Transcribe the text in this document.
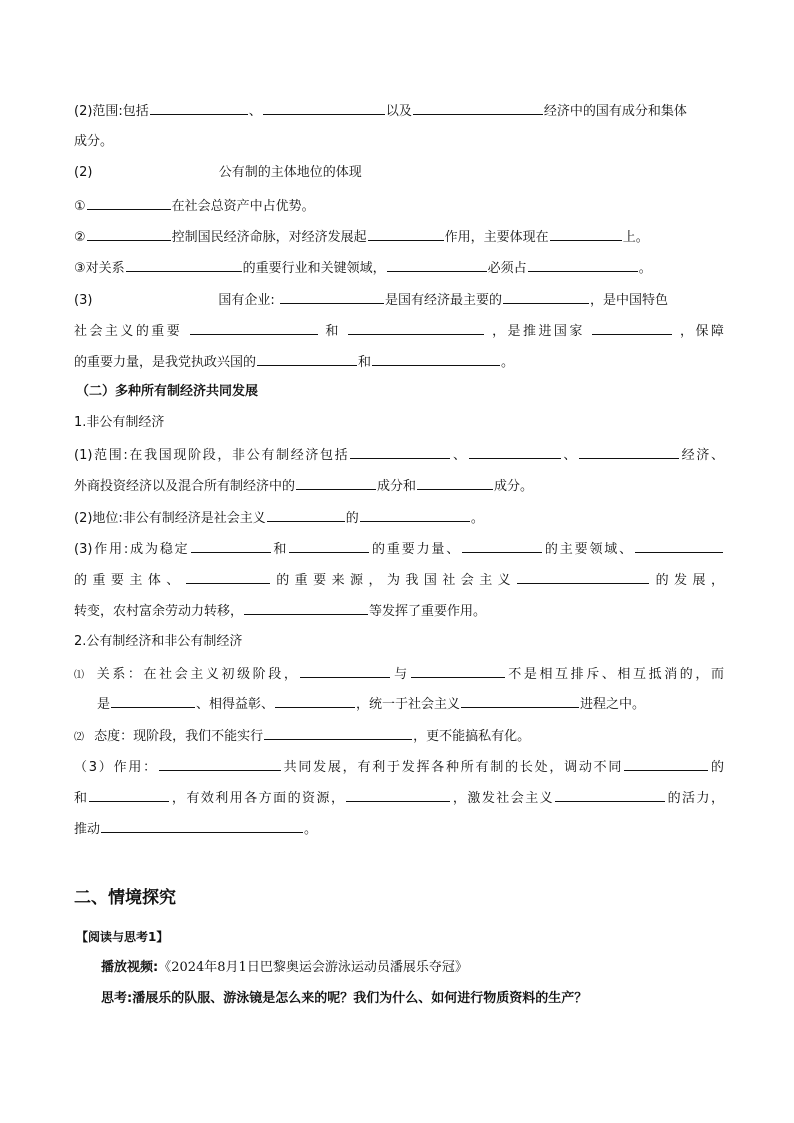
(2)范围:包括	、	以及	经济中的国有成分和集体
成分。
(2)	公有制的主体地位的体现
①	在社会总资产中占优势。
②	控制国民经济命脉，对经济发展起	作用，主要体现在	上。
③对关系	的重要行业和关键领域，	必须占	。
(3)	国有企业:	是国有经济最主要的	，是中国特色
社会主义的重要	和	，是推进国家	，保障
的重要力量，是我党执政兴国的	和	。
（二）多种所有制经济共同发展
1.非公有制经济
(1)范围:在我国现阶段，非公有制经济包括	、	、	经济、
外商投资经济以及混合所有制经济中的	成分和	成分。
(2)地位:非公有制经济是社会主义	的	。
(3)作用:成为稳定	和	的重要力量、	的主要领域、
的重要主体、	的重要来源，为我国社会主义	的发展，
转变，农村富余劳动力转移，	等发挥了重要作用。
2.公有制经济和非公有制经济
⑴ 关系：在社会主义初级阶段，	与	不是相互排斥、相互抵消的，而
是	、相得益彰、	，统一于社会主义	进程之中。
⑵ 态度：现阶段，我们不能实行	，更不能搞私有化。
（3）作用：	共同发展，有利于发挥各种所有制的长处，调动不同	的
和	，有效利用各方面的资源，	，激发社会主义	的活力，
推动	。
二、情境探究
【阅读与思考1】
播放视频:《2024年8月1日巴黎奥运会游泳运动员潘展乐夺冠》
思考:潘展乐的队服、游泳镜是怎么来的呢？我们为什么、如何进行物质资料的生产？
